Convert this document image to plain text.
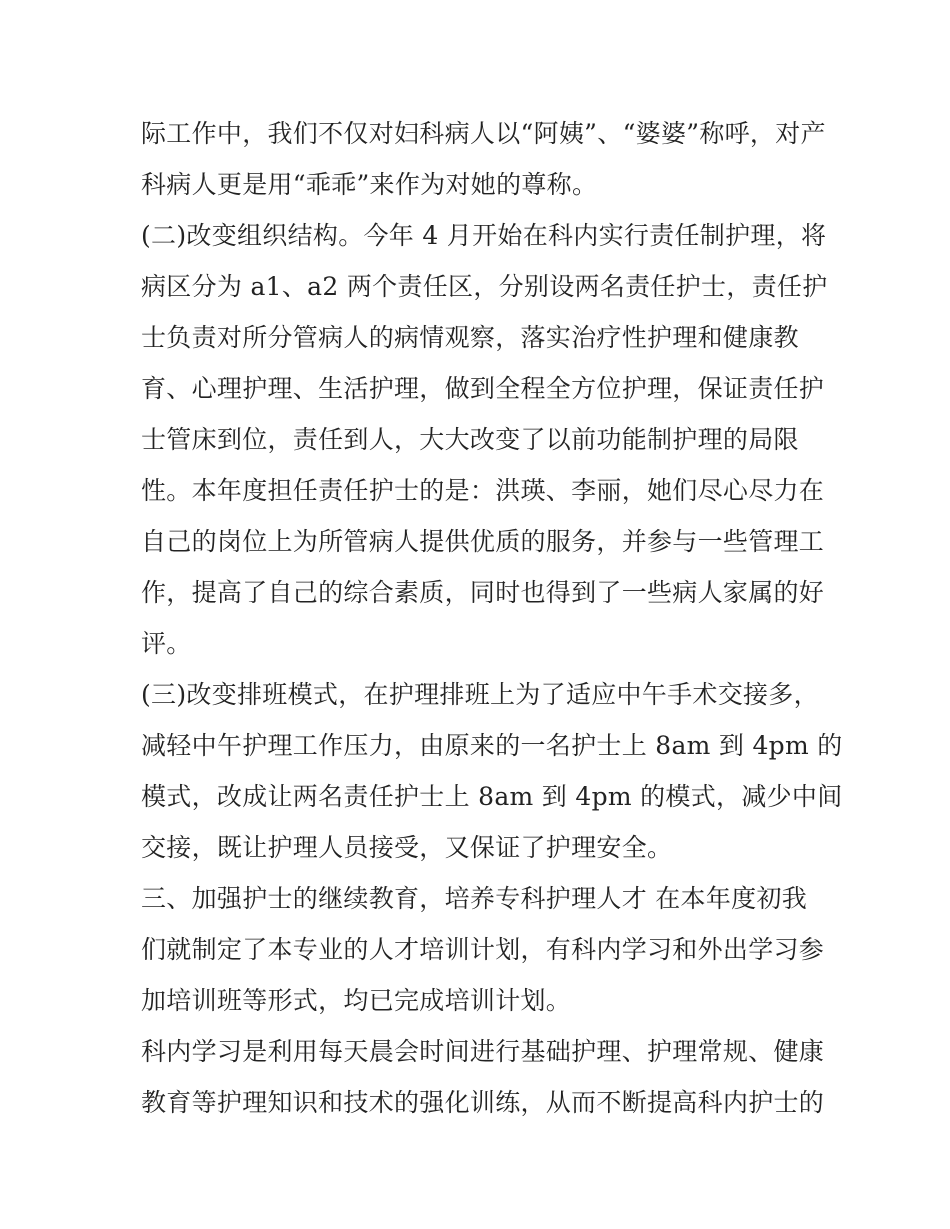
际工作中，我们不仅对妇科病人以“阿姨”、“婆婆”称呼，对产
科病人更是用“乖乖”来作为对她的尊称。
(二)改变组织结构。今年 4 月开始在科内实行责任制护理，将
病区分为 a1、a2 两个责任区，分别设两名责任护士，责任护
士负责对所分管病人的病情观察，落实治疗性护理和健康教
育、心理护理、生活护理，做到全程全方位护理，保证责任护
士管床到位，责任到人，大大改变了以前功能制护理的局限
性。本年度担任责任护士的是：洪瑛、李丽，她们尽心尽力在
自己的岗位上为所管病人提供优质的服务，并参与一些管理工
作，提高了自己的综合素质，同时也得到了一些病人家属的好
评。
(三)改变排班模式，在护理排班上为了适应中午手术交接多，
减轻中午护理工作压力，由原来的一名护士上 8am 到 4pm 的
模式，改成让两名责任护士上 8am 到 4pm 的模式，减少中间
交接，既让护理人员接受，又保证了护理安全。
三、加强护士的继续教育，培养专科护理人才 在本年度初我
们就制定了本专业的人才培训计划，有科内学习和外出学习参
加培训班等形式，均已完成培训计划。
科内学习是利用每天晨会时间进行基础护理、护理常规、健康
教育等护理知识和技术的强化训练，从而不断提高科内护士的
